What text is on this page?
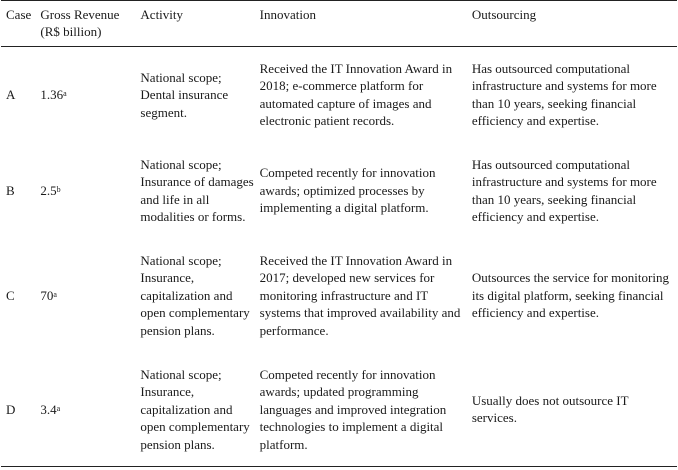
Case	Gross Revenue (R$ billion)	Activity	Innovation	Outsourcing
A	1.36$^a$	National scope; Dental insurance segment.	Received the IT Innovation Award in 2018; e-commerce platform for automated capture of images and electronic patient records.	Has outsourced computational infrastructure and systems for more than 10 years, seeking financial efficiency and expertise.
B	2.5$^b$	National scope; Insurance of damages and life in all modalities or forms.	Competed recently for innovation awards; optimized processes by implementing a digital platform.	Has outsourced computational infrastructure and systems for more than 10 years, seeking financial efficiency and expertise.
C	70$^a$	National scope; Insurance, capitalization and open complementary pension plans.	Received the IT Innovation Award in 2017; developed new services for monitoring infrastructure and IT systems that improved availability and performance.	Outsources the service for monitoring its digital platform, seeking financial efficiency and expertise.
D	3.4$^a$	National scope; Insurance, capitalization and open complementary pension plans.	Competed recently for innovation awards; updated programming languages and improved integration technologies to implement a digital platform.	Usually does not outsource IT services.
